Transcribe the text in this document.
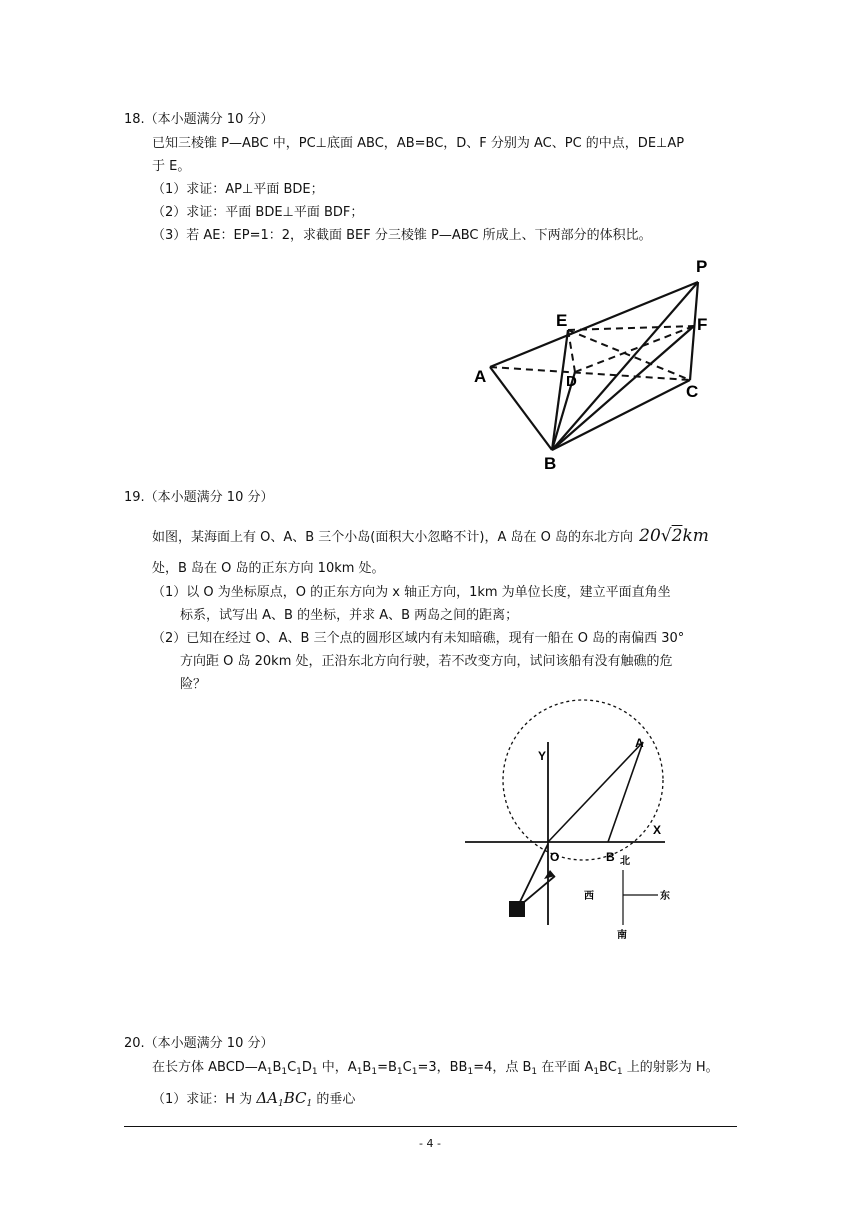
18.（本小题满分 10 分）
已知三棱锥 P—ABC 中，PC⊥底面 ABC，AB=BC，D、F 分别为 AC、PC 的中点，DE⊥AP
于 E。
（1）求证：AP⊥平面 BDE；
（2）求证：平面 BDE⊥平面 BDF；
（3）若 AE：EP=1：2，求截面 BEF 分三棱锥 P—ABC 所成上、下两部分的体积比。
P
E	F
A	D
C
B
19.（本小题满分 10 分）
如图，某海面上有 O、A、B 三个小岛(面积大小忽略不计)，A 岛在 O 岛的东北方向 20√2km
处，B 岛在 O 岛的正东方向 10km 处。
（1）以 O 为坐标原点，O 的正东方向为 x 轴正方向，1km 为单位长度，建立平面直角坐
标系，试写出 A、B 的坐标，并求 A、B 两岛之间的距离；
（2）已知在经过 O、A、B 三个点的圆形区域内有未知暗礁，现有一船在 O 岛的南偏西 30°
方向距 O 岛 20km 处，正沿东北方向行驶，若不改变方向，试问该船有没有触礁的危
险？
Y
X
O
A
B 北
南
东
西
20.（本小题满分 10 分）
在长方体 $ABCD—A_1B_1C_1D_1$ 中，$A_1B_1=B_1C_1=3$，$BB_1=4$，点 $B_1$ 在平面 $A_1BC_1$ 上的射影为 H。
（1）求证：H 为 $\Delta A_1BC_1$ 的垂心
- 4 -
